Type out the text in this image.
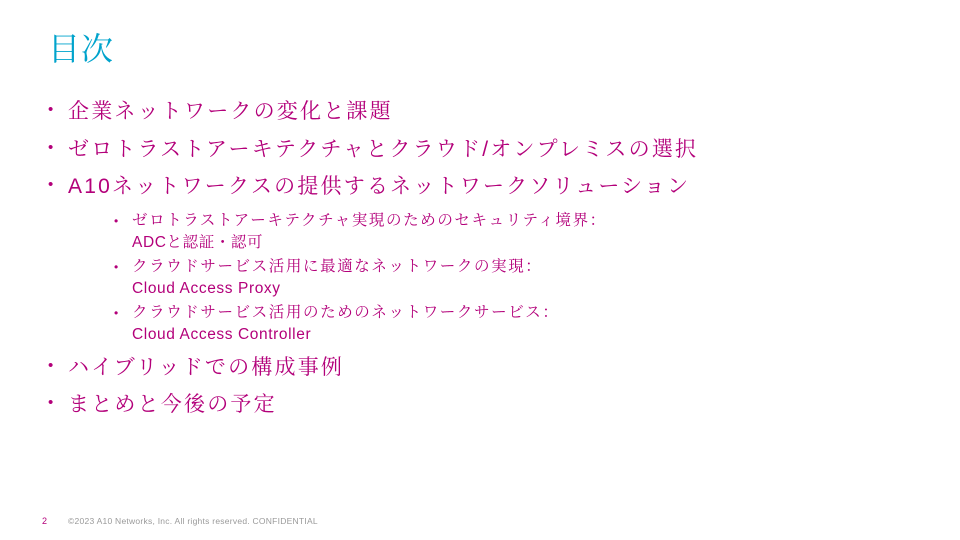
目次
• 企業ネットワークの変化と課題
• ゼロトラストアーキテクチャとクラウド/オンプレミスの選択
• A10ネットワークスの提供するネットワークソリューション
• ゼロトラストアーキテクチャ実現のためのセキュリティ境界：
ADCと認証・認可
• クラウドサービス活用に最適なネットワークの実現：
Cloud Access Proxy
• クラウドサービス活用のためのネットワークサービス：
Cloud Access Controller
• ハイブリッドでの構成事例
• まとめと今後の予定
2 ©2023 A10 Networks, Inc. All rights reserved. CONFIDENTIAL
